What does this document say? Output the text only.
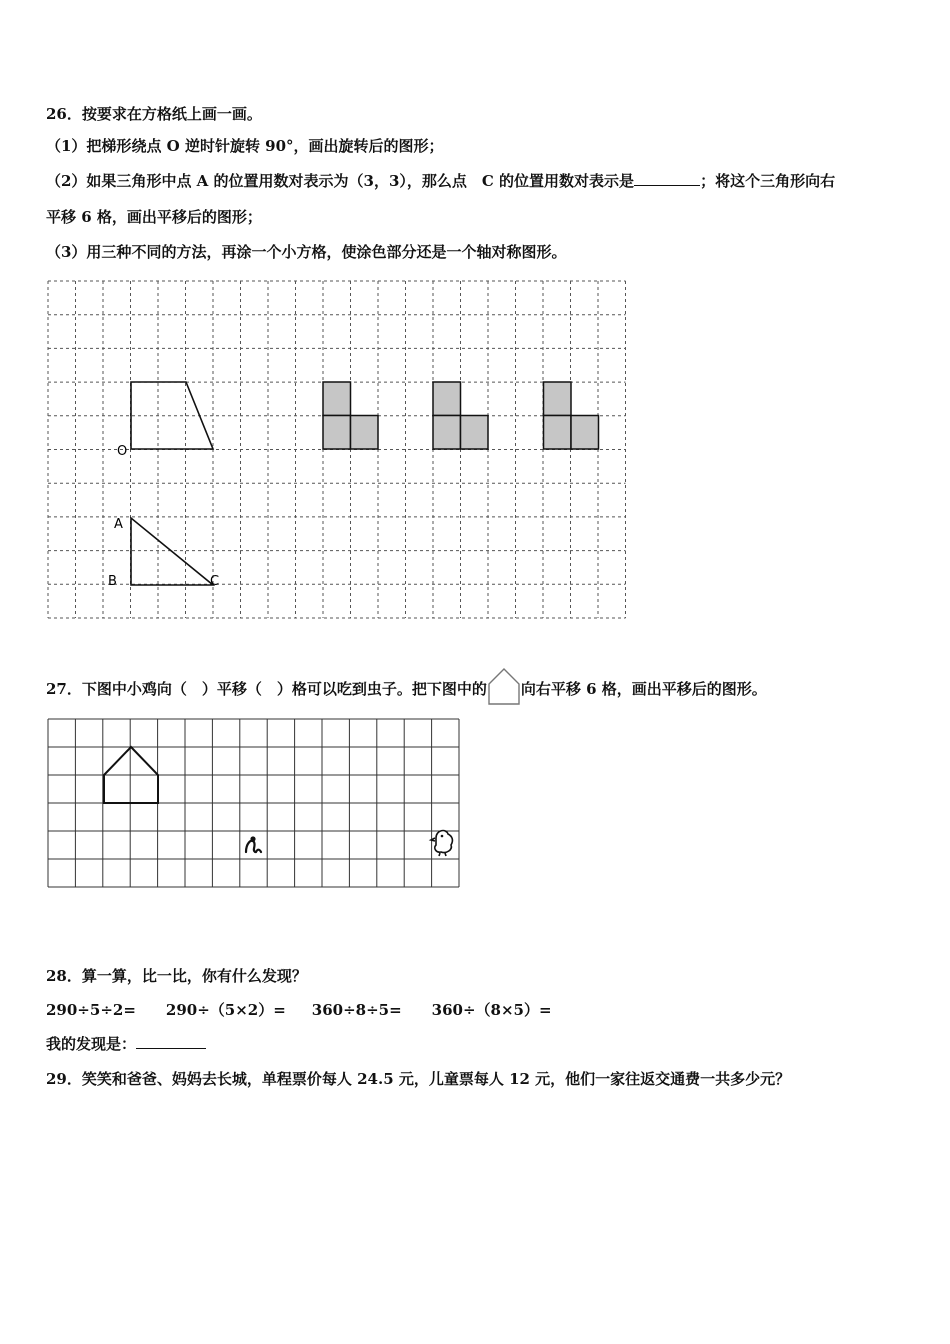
26．按要求在方格纸上画一画。
（1）把梯形绕点 O 逆时针旋转 90°，画出旋转后的图形；
（2）如果三角形中点 A 的位置用数对表示为（3，3），那么点　C 的位置用数对表示是	；将这个三角形向右
平移 6 格，画出平移后的图形；
（3）用三种不同的方法，再涂一个小方格，使涂色部分还是一个轴对称图形。
O
A
B	C
27．下图中小鸡向（　）平移（　）格可以吃到虫子。把下图中的 向右平移 6 格，画出平移后的图形。
28．算一算，比一比，你有什么发现？
290÷5÷2= 290÷（5×2）= 360÷8÷5= 360÷（8×5）=
我的发现是：
29．笑笑和爸爸、妈妈去长城，单程票价每人 24.5 元，儿童票每人 12 元，他们一家往返交通费一共多少元？
